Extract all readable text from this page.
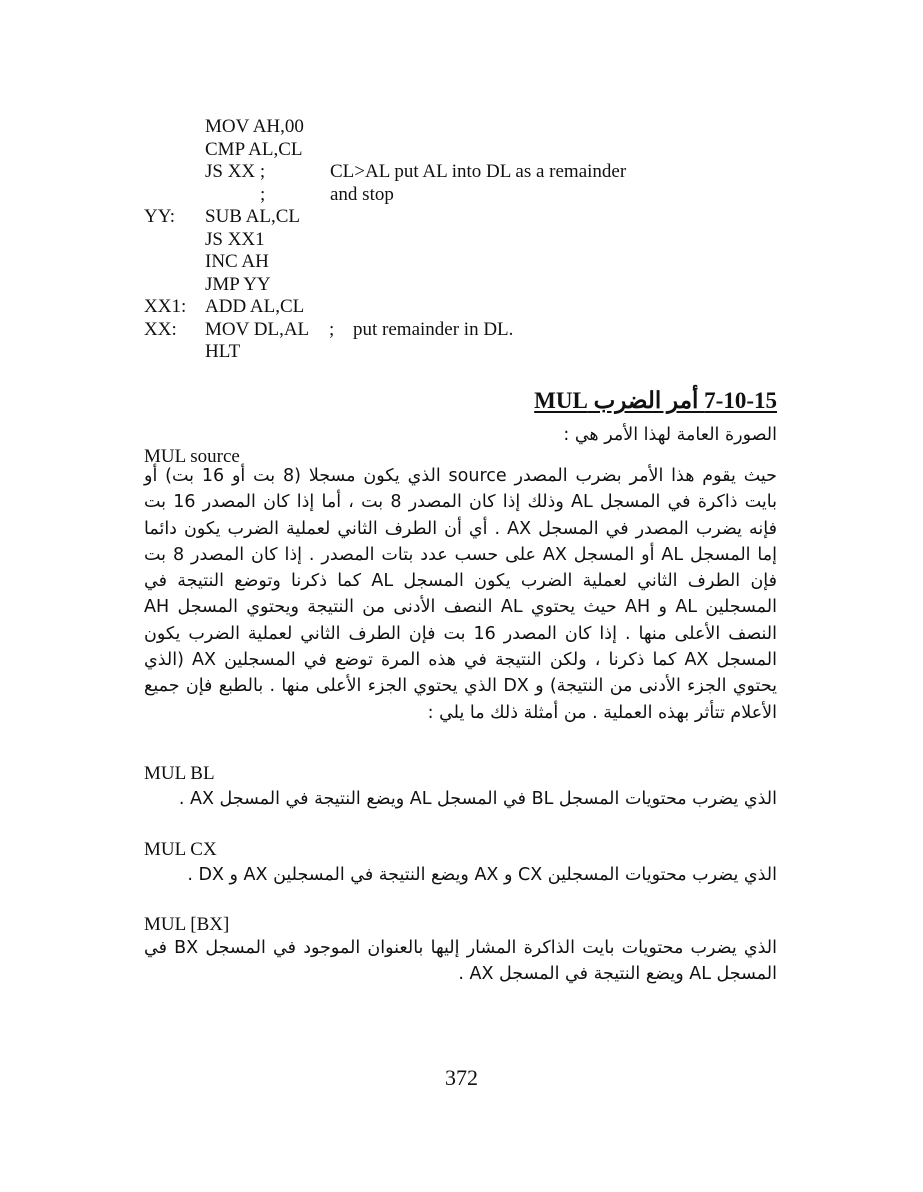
MOV AH,00
CMP AL,CL
JS XX ;	CL>AL put AL into DL as a remainder
;	and stop
YY: SUB AL,CL
JS XX1
INC AH
JMP YY
XX1: ADD AL,CL
XX: MOV DL,AL ; put remainder in DL.
HLT
7-10-15 أمر الضرب MUL
الصورة العامة لهذا الأمر هي :
MUL source
حيث يقوم هذا الأمر بضرب المصدر source الذي يكون مسجلا (8 بت أو 16 بت) أو بايت ذاكرة في المسجل AL وذلك إذا كان المصدر 8 بت ، أما إذا كان المصدر 16 بت فإنه يضرب المصدر في المسجل AX . أي أن الطرف الثاني لعملية الضرب يكون دائما إما المسجل AL أو المسجل AX على حسب عدد بتات المصدر . إذا كان المصدر 8 بت فإن الطرف الثاني لعملية الضرب يكون المسجل AL كما ذكرنا وتوضع النتيجة في المسجلين AL و AH حيث يحتوي AL النصف الأدنى من النتيجة ويحتوي المسجل AH النصف الأعلى منها . إذا كان المصدر 16 بت فإن الطرف الثاني لعملية الضرب يكون المسجل AX كما ذكرنا ، ولكن النتيجة في هذه المرة توضع في المسجلين AX (الذي يحتوي الجزء الأدنى من النتيجة) و DX الذي يحتوي الجزء الأعلى منها . بالطبع فإن جميع الأعلام تتأثر بهذه العملية . من أمثلة ذلك ما يلي :
MUL BL
الذي يضرب محتويات المسجل BL في المسجل AL ويضع النتيجة في المسجل AX .
MUL CX
الذي يضرب محتويات المسجلين CX و AX ويضع النتيجة في المسجلين AX و DX .
MUL [BX]
الذي يضرب محتويات بايت الذاكرة المشار إليها بالعنوان الموجود في المسجل BX في المسجل AL ويضع النتيجة في المسجل AX .
372
